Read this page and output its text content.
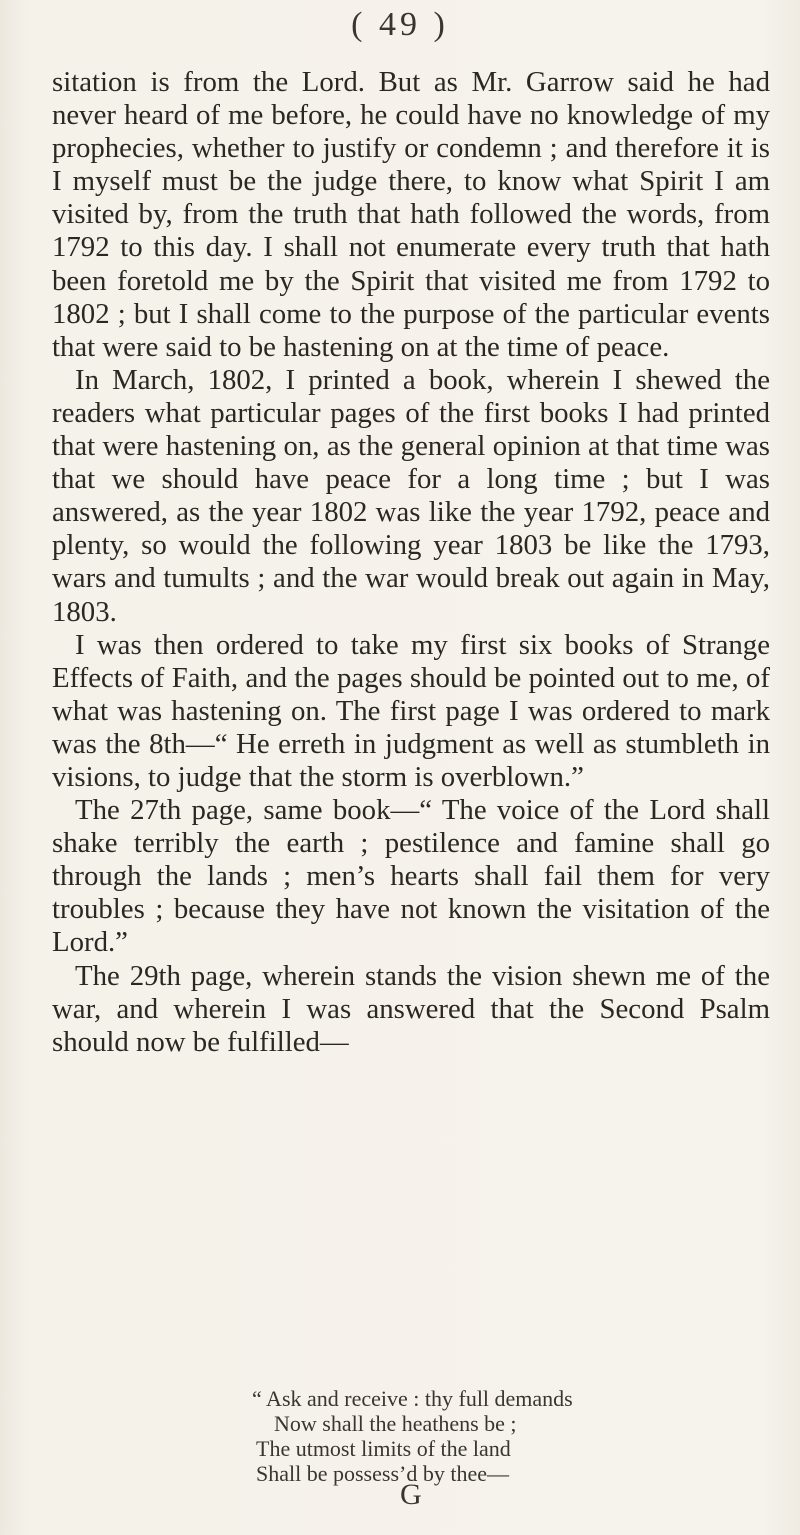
( 49 )

sitation is from the Lord. But as Mr. Garrow said he had never heard of me before, he could have no knowledge of my prophecies, whether to justify or condemn ; and therefore it is I myself must be the judge there, to know what Spirit I am visited by, from the truth that hath followed the words, from 1792 to this day. I shall not enumerate every truth that hath been foretold me by the Spirit that visited me from 1792 to 1802 ; but I shall come to the purpose of the particular events that were said to be hastening on at the time of peace.

In March, 1802, I printed a book, wherein I shewed the readers what particular pages of the first books I had printed that were hastening on, as the general opinion at that time was that we should have peace for a long time ; but I was answered, as the year 1802 was like the year 1792, peace and plenty, so would the following year 1803 be like the 1793, wars and tumults ; and the war would break out again in May, 1803.

I was then ordered to take my first six books of Strange Effects of Faith, and the pages should be pointed out to me, of what was hastening on. The first page I was ordered to mark was the 8th—“ He erreth in judgment as well as stumbleth in visions, to judge that the storm is overblown.”

The 27th page, same book—“ The voice of the Lord shall shake terribly the earth ; pestilence and famine shall go through the lands ; men’s hearts shall fail them for very troubles ; because they have not known the visitation of the Lord.”

The 29th page, wherein stands the vision shewn me of the war, and wherein I was answered that the Second Psalm should now be fulfilled—

“ Ask and receive : thy full demands
Now shall the heathens be ;
The utmost limits of the land
Shall be possess’d by thee—
G
